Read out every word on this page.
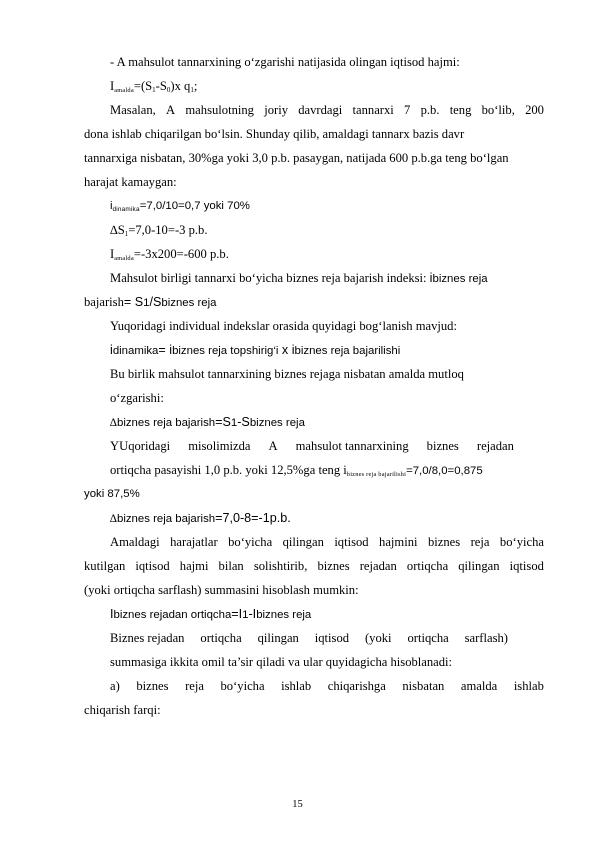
- A mahsulot tannarxining o‘zgarishi natijasida olingan iqtisod hajmi:
$Iamalda=(S_1-S_0)x$ $q_1$;
Masalan, A mahsulotning joriy davrdagi tannarxi 7 p.b. teng bo‘lib, 200
dona ishlab chiqarilgan bo‘lsin. Shunday qilib, amaldagi tannarx bazis davr
tannarxiga nisbatan, 30%ga yoki 3,0 p.b. pasaygan, natijada 600 p.b.ga teng bo‘lgan
harajat kamaygan:
idinamika=7,0/10=0,7 yoki 70%
$\Delta S_1=7,0-10=-3$ p.b.
Iamalda=-3x200=-600 p.b.
Mahsulot birligi tannarxi bo‘yicha biznes reja bajarish indeksi: ibiznes reja
bajarish= S1/Sbiznes reja
Yuqoridagi individual indekslar orasida quyidagi bog‘lanish mavjud:
idinamika= ibiznes reja topshirig‘i x ibiznes reja bajarilishi
Bu birlik mahsulot tannarxining biznes rejaga nisbatan amalda mutloq
o‘zgarishi:
∆biznes reja bajarish=S1-Sbiznes reja
YUqoridagi misolimizda A mahsulot tannarxining biznes rejadan
ortiqcha pasayishi 1,0 p.b. yoki 12,5%ga teng ibiznes reja bajarilishi=7,0/8,0=0,875
yoki 87,5%
∆biznes reja bajarish=7,0-8=-1p.b.
Amaldagi harajatlar bo‘yicha qilingan iqtisod hajmini biznes reja bo‘yicha
kutilgan iqtisod hajmi bilan solishtirib, biznes rejadan ortiqcha qilingan iqtisod
(yoki ortiqcha sarflash) summasini hisoblash mumkin:
Ibiznes rejadan ortiqcha=I1-Ibiznes reja
Biznes rejadan ortiqcha qilingan iqtisod (yoki ortiqcha sarflash)
summasiga ikkita omil ta’sir qiladi va ular quyidagicha hisoblanadi:
a) biznes reja bo‘yicha ishlab chiqarishga nisbatan amalda ishlab
chiqarish farqi:
15
